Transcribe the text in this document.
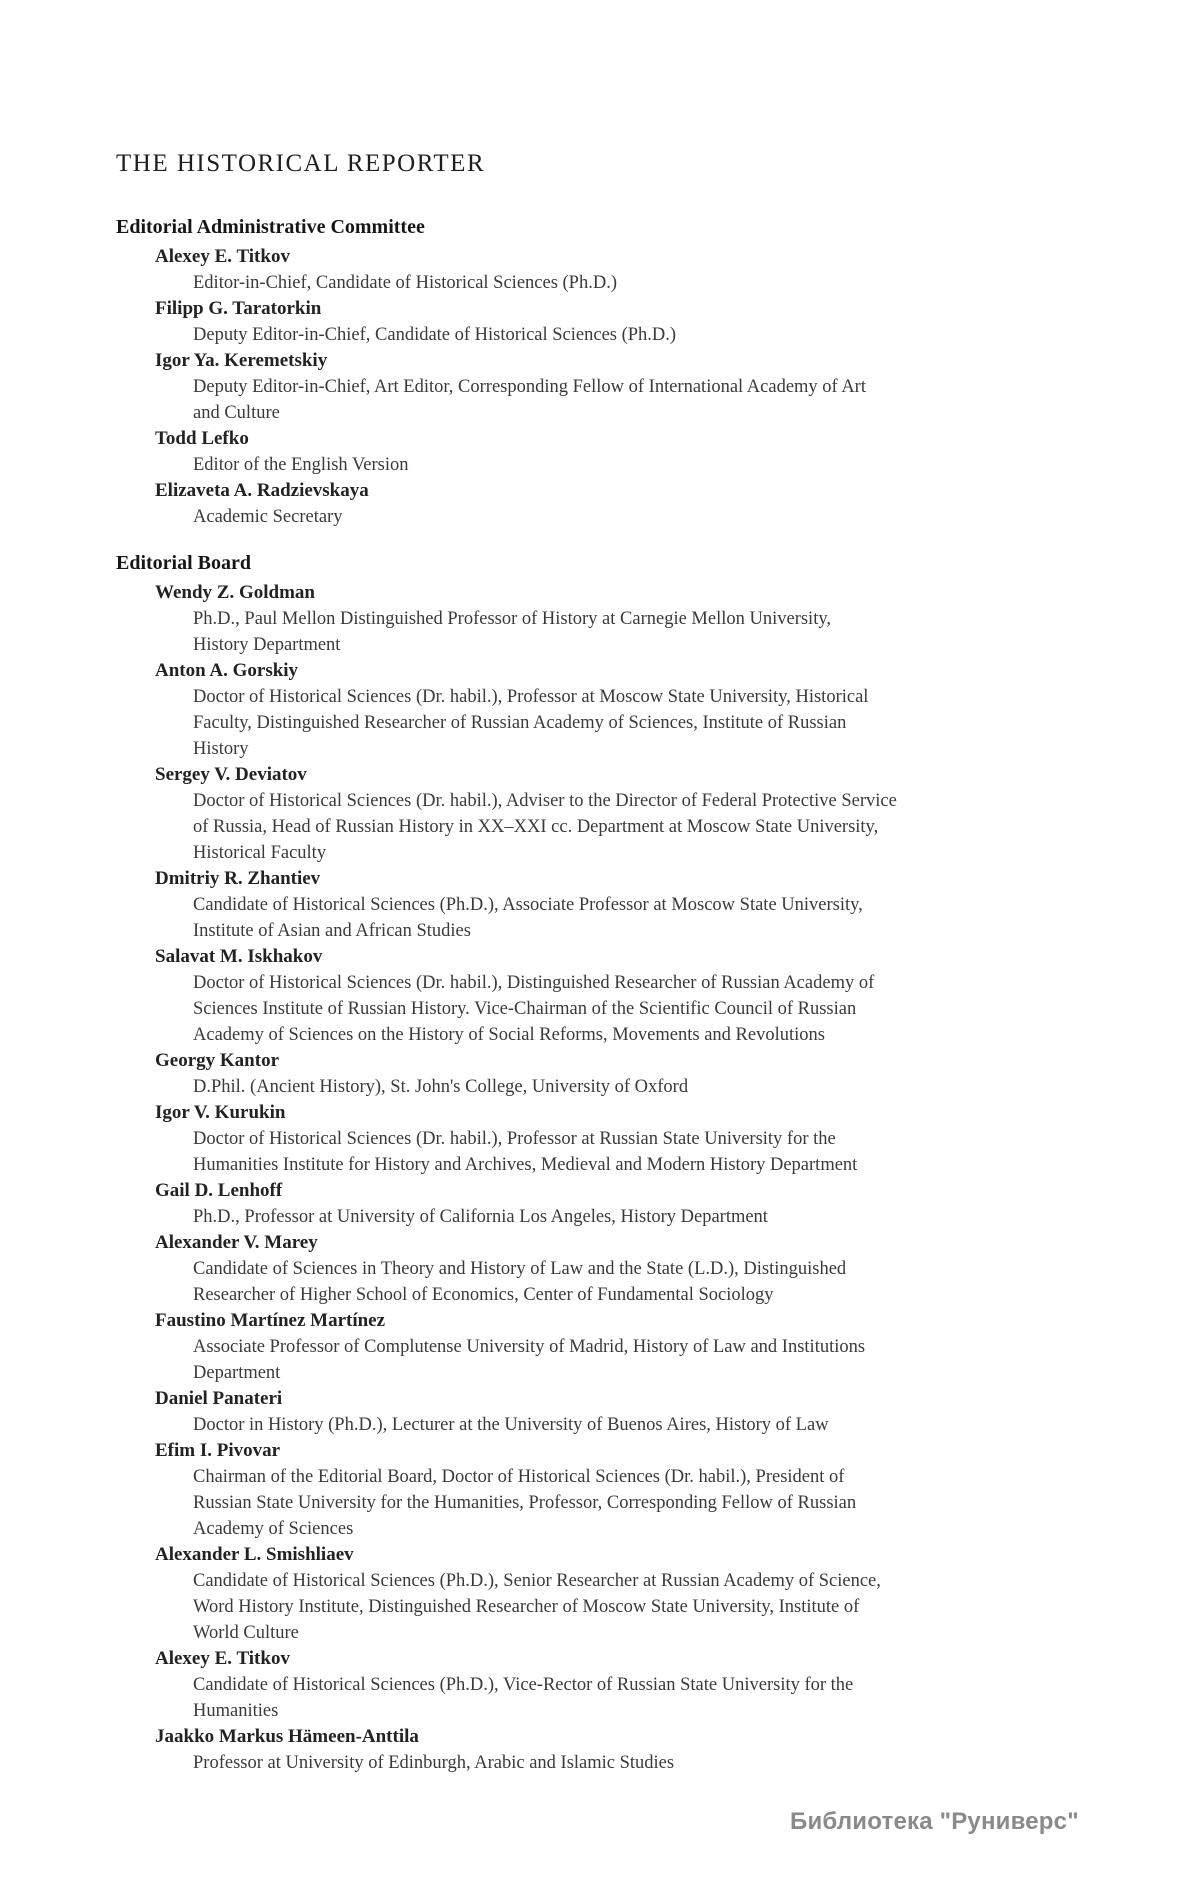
THE HISTORICAL REPORTER
Editorial Administrative Committee
Alexey E. Titkov
Editor-in-Chief, Candidate of Historical Sciences (Ph.D.)
Filipp G. Taratorkin
Deputy Editor-in-Chief, Candidate of Historical Sciences (Ph.D.)
Igor Ya. Keremetskiy
Deputy Editor-in-Chief, Art Editor, Corresponding Fellow of International Academy of Art
and Culture
Todd Lefko
Editor of the English Version
Elizaveta A. Radzievskaya
Academic Secretary
Editorial Board
Wendy Z. Goldman
Ph.D., Paul Mellon Distinguished Professor of History at Carnegie Mellon University,
History Department
Anton A. Gorskiy
Doctor of Historical Sciences (Dr. habil.), Professor at Moscow State University, Historical
Faculty, Distinguished Researcher of Russian Academy of Sciences, Institute of Russian
History
Sergey V. Deviatov
Doctor of Historical Sciences (Dr. habil.), Adviser to the Director of Federal Protective Service
of Russia, Head of Russian History in XX–XXI cc. Department at Moscow State University,
Historical Faculty
Dmitriy R. Zhantiev
Candidate of Historical Sciences (Ph.D.), Associate Professor at Moscow State University,
Institute of Asian and African Studies
Salavat M. Iskhakov
Doctor of Historical Sciences (Dr. habil.), Distinguished Researcher of Russian Academy of
Sciences Institute of Russian History. Vice-Chairman of the Scientific Council of Russian
Academy of Sciences on the History of Social Reforms, Movements and Revolutions
Georgy Kantor
D.Phil. (Ancient History), St. John's College, University of Oxford
Igor V. Kurukin
Doctor of Historical Sciences (Dr. habil.), Professor at Russian State University for the
Humanities Institute for History and Archives, Medieval and Modern History Department
Gail D. Lenhoff
Ph.D., Professor at University of California Los Angeles, History Department
Alexander V. Marey
Candidate of Sciences in Theory and History of Law and the State (L.D.), Distinguished
Researcher of Higher School of Economics, Center of Fundamental Sociology
Faustino Martínez Martínez
Associate Professor of Complutense University of Madrid, History of Law and Institutions
Department
Daniel Panateri
Doctor in History (Ph.D.), Lecturer at the University of Buenos Aires, History of Law
Efim I. Pivovar
Chairman of the Editorial Board, Doctor of Historical Sciences (Dr. habil.), President of
Russian State University for the Humanities, Professor, Corresponding Fellow of Russian
Academy of Sciences
Alexander L. Smishliaev
Candidate of Historical Sciences (Ph.D.), Senior Researcher at Russian Academy of Science,
Word History Institute, Distinguished Researcher of Moscow State University, Institute of
World Culture
Alexey E. Titkov
Candidate of Historical Sciences (Ph.D.), Vice-Rector of Russian State University for the
Humanities
Jaakko Markus Hämeen-Anttila
Professor at University of Edinburgh, Arabic and Islamic Studies
Библиотека "Руниверс"
